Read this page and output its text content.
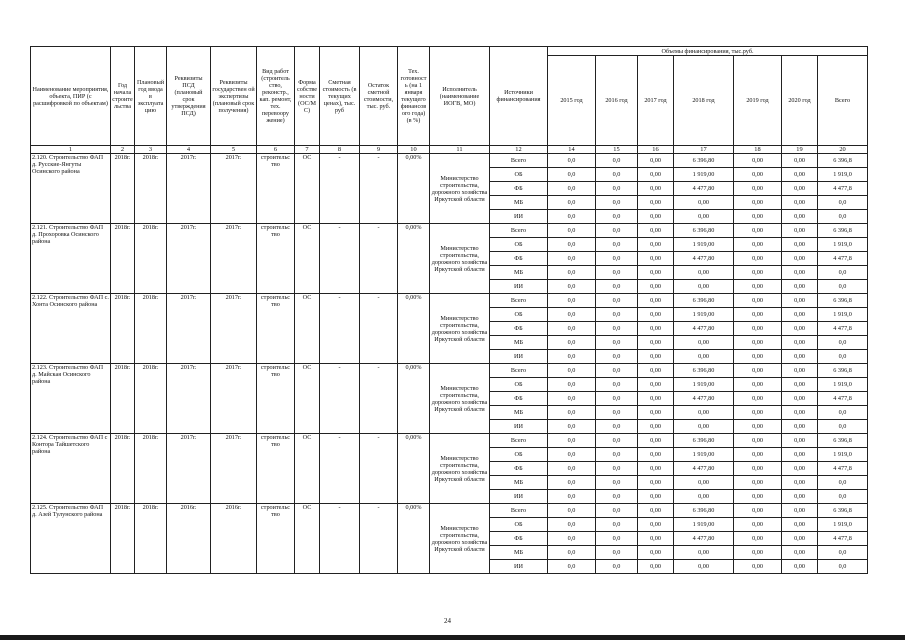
Наименование мероприятия, объекта, ПИР (с расшифровкой по объектам)	Год начала строите льства	Плановый год ввода в эксплуата цию	Реквизиты ПСД (плановый срок утверждения ПСД)	Реквизиты государствен ой экспертизы (плановый срок получения)	Вид работ (строитель ство, реконстр., кап. ремонт, тех. перевоору жение)	Форма собстве ности (ОС/М С)	Сметная стоимость (в текущих ценах), тыс. руб	Остаток сметной стоимости, тыс. руб.	Тех. готовност ь (на 1 января текущего финансов ого года) (в %)	Исполнитель (наименование ИОГВ, МО)	Источники финансирования	Объемы финансирования, тыс.руб.						
												2015 год	2016 год	2017 год	2018 год	2019 год	2020 год	Всего
1	2	3	4	5	6	7	8	9	10	11	12	14	15	16	17	18	19	20
2.120. Строительство ФАП д. Русские-Янгуты Осинского района	2018г.	2018г.	2017г.	2017г.	строительс тво	ОС	-	-	0,00%	Министерство строительства, дорожного хозяйства Иркутской области	Всего	0,0	0,0	0,00	6 396,80	0,00	0,00	6 396,8
											ОБ	0,0	0,0	0,00	1 919,00	0,00	0,00	1 919,0
											ФБ	0,0	0,0	0,00	4 477,80	0,00	0,00	4 477,8
											МБ	0,0	0,0	0,00	0,00	0,00	0,00	0,0
											ИИ	0,0	0,0	0,00	0,00	0,00	0,00	0,0
2.121. Строительство ФАП д. Прохоровка Осинского района	2018г.	2018г.	2017г.	2017г.	строительс тво	ОС	-	-	0,00%	Министерство строительства, дорожного хозяйства Иркутской области	Всего	0,0	0,0	0,00	6 396,80	0,00	0,00	6 396,8
											ОБ	0,0	0,0	0,00	1 919,00	0,00	0,00	1 919,0
											ФБ	0,0	0,0	0,00	4 477,80	0,00	0,00	4 477,8
											МБ	0,0	0,0	0,00	0,00	0,00	0,00	0,0
											ИИ	0,0	0,0	0,00	0,00	0,00	0,00	0,0
2.122. Строительство ФАП с. Хонта Осинского района	2018г.	2018г.	2017г.	2017г.	строительс тво	ОС	-	-	0,00%	Министерство строительства, дорожного хозяйства Иркутской области	Всего	0,0	0,0	0,00	6 396,80	0,00	0,00	6 396,8
											ОБ	0,0	0,0	0,00	1 919,00	0,00	0,00	1 919,0
											ФБ	0,0	0,0	0,00	4 477,80	0,00	0,00	4 477,8
											МБ	0,0	0,0	0,00	0,00	0,00	0,00	0,0
											ИИ	0,0	0,0	0,00	0,00	0,00	0,00	0,0
2.123. Строительство ФАП д. Майская Осинского района	2018г.	2018г.	2017г.	2017г.	строительс тво	ОС	-	-	0,00%	Министерство строительства, дорожного хозяйства Иркутской области	Всего	0,0	0,0	0,00	6 396,80	0,00	0,00	6 396,8
											ОБ	0,0	0,0	0,00	1 919,00	0,00	0,00	1 919,0
											ФБ	0,0	0,0	0,00	4 477,80	0,00	0,00	4 477,8
											МБ	0,0	0,0	0,00	0,00	0,00	0,00	0,0
											ИИ	0,0	0,0	0,00	0,00	0,00	0,00	0,0
2.124. Строительство ФАП с Контора Тайшетского района	2018г.	2018г.	2017г.	2017г.	строительс тво	ОС	-	-	0,00%	Министерство строительства, дорожного хозяйства Иркутской области	Всего	0,0	0,0	0,00	6 396,80	0,00	0,00	6 396,8
											ОБ	0,0	0,0	0,00	1 919,00	0,00	0,00	1 919,0
											ФБ	0,0	0,0	0,00	4 477,80	0,00	0,00	4 477,8
											МБ	0,0	0,0	0,00	0,00	0,00	0,00	0,0
											ИИ	0,0	0,0	0,00	0,00	0,00	0,00	0,0
2.125. Строительство ФАП д. Азей Тулунского района	2018г.	2018г.	2016г.	2016г.	строительс тво	ОС	-	-	0,00%	Министерство строительства, дорожного хозяйства Иркутской области	Всего	0,0	0,0	0,00	6 396,80	0,00	0,00	6 396,8
											ОБ	0,0	0,0	0,00	1 919,00	0,00	0,00	1 919,0
											ФБ	0,0	0,0	0,00	4 477,80	0,00	0,00	4 477,8
											МБ	0,0	0,0	0,00	0,00	0,00	0,00	0,0
											ИИ	0,0	0,0	0,00	0,00	0,00	0,00	0,0
24
